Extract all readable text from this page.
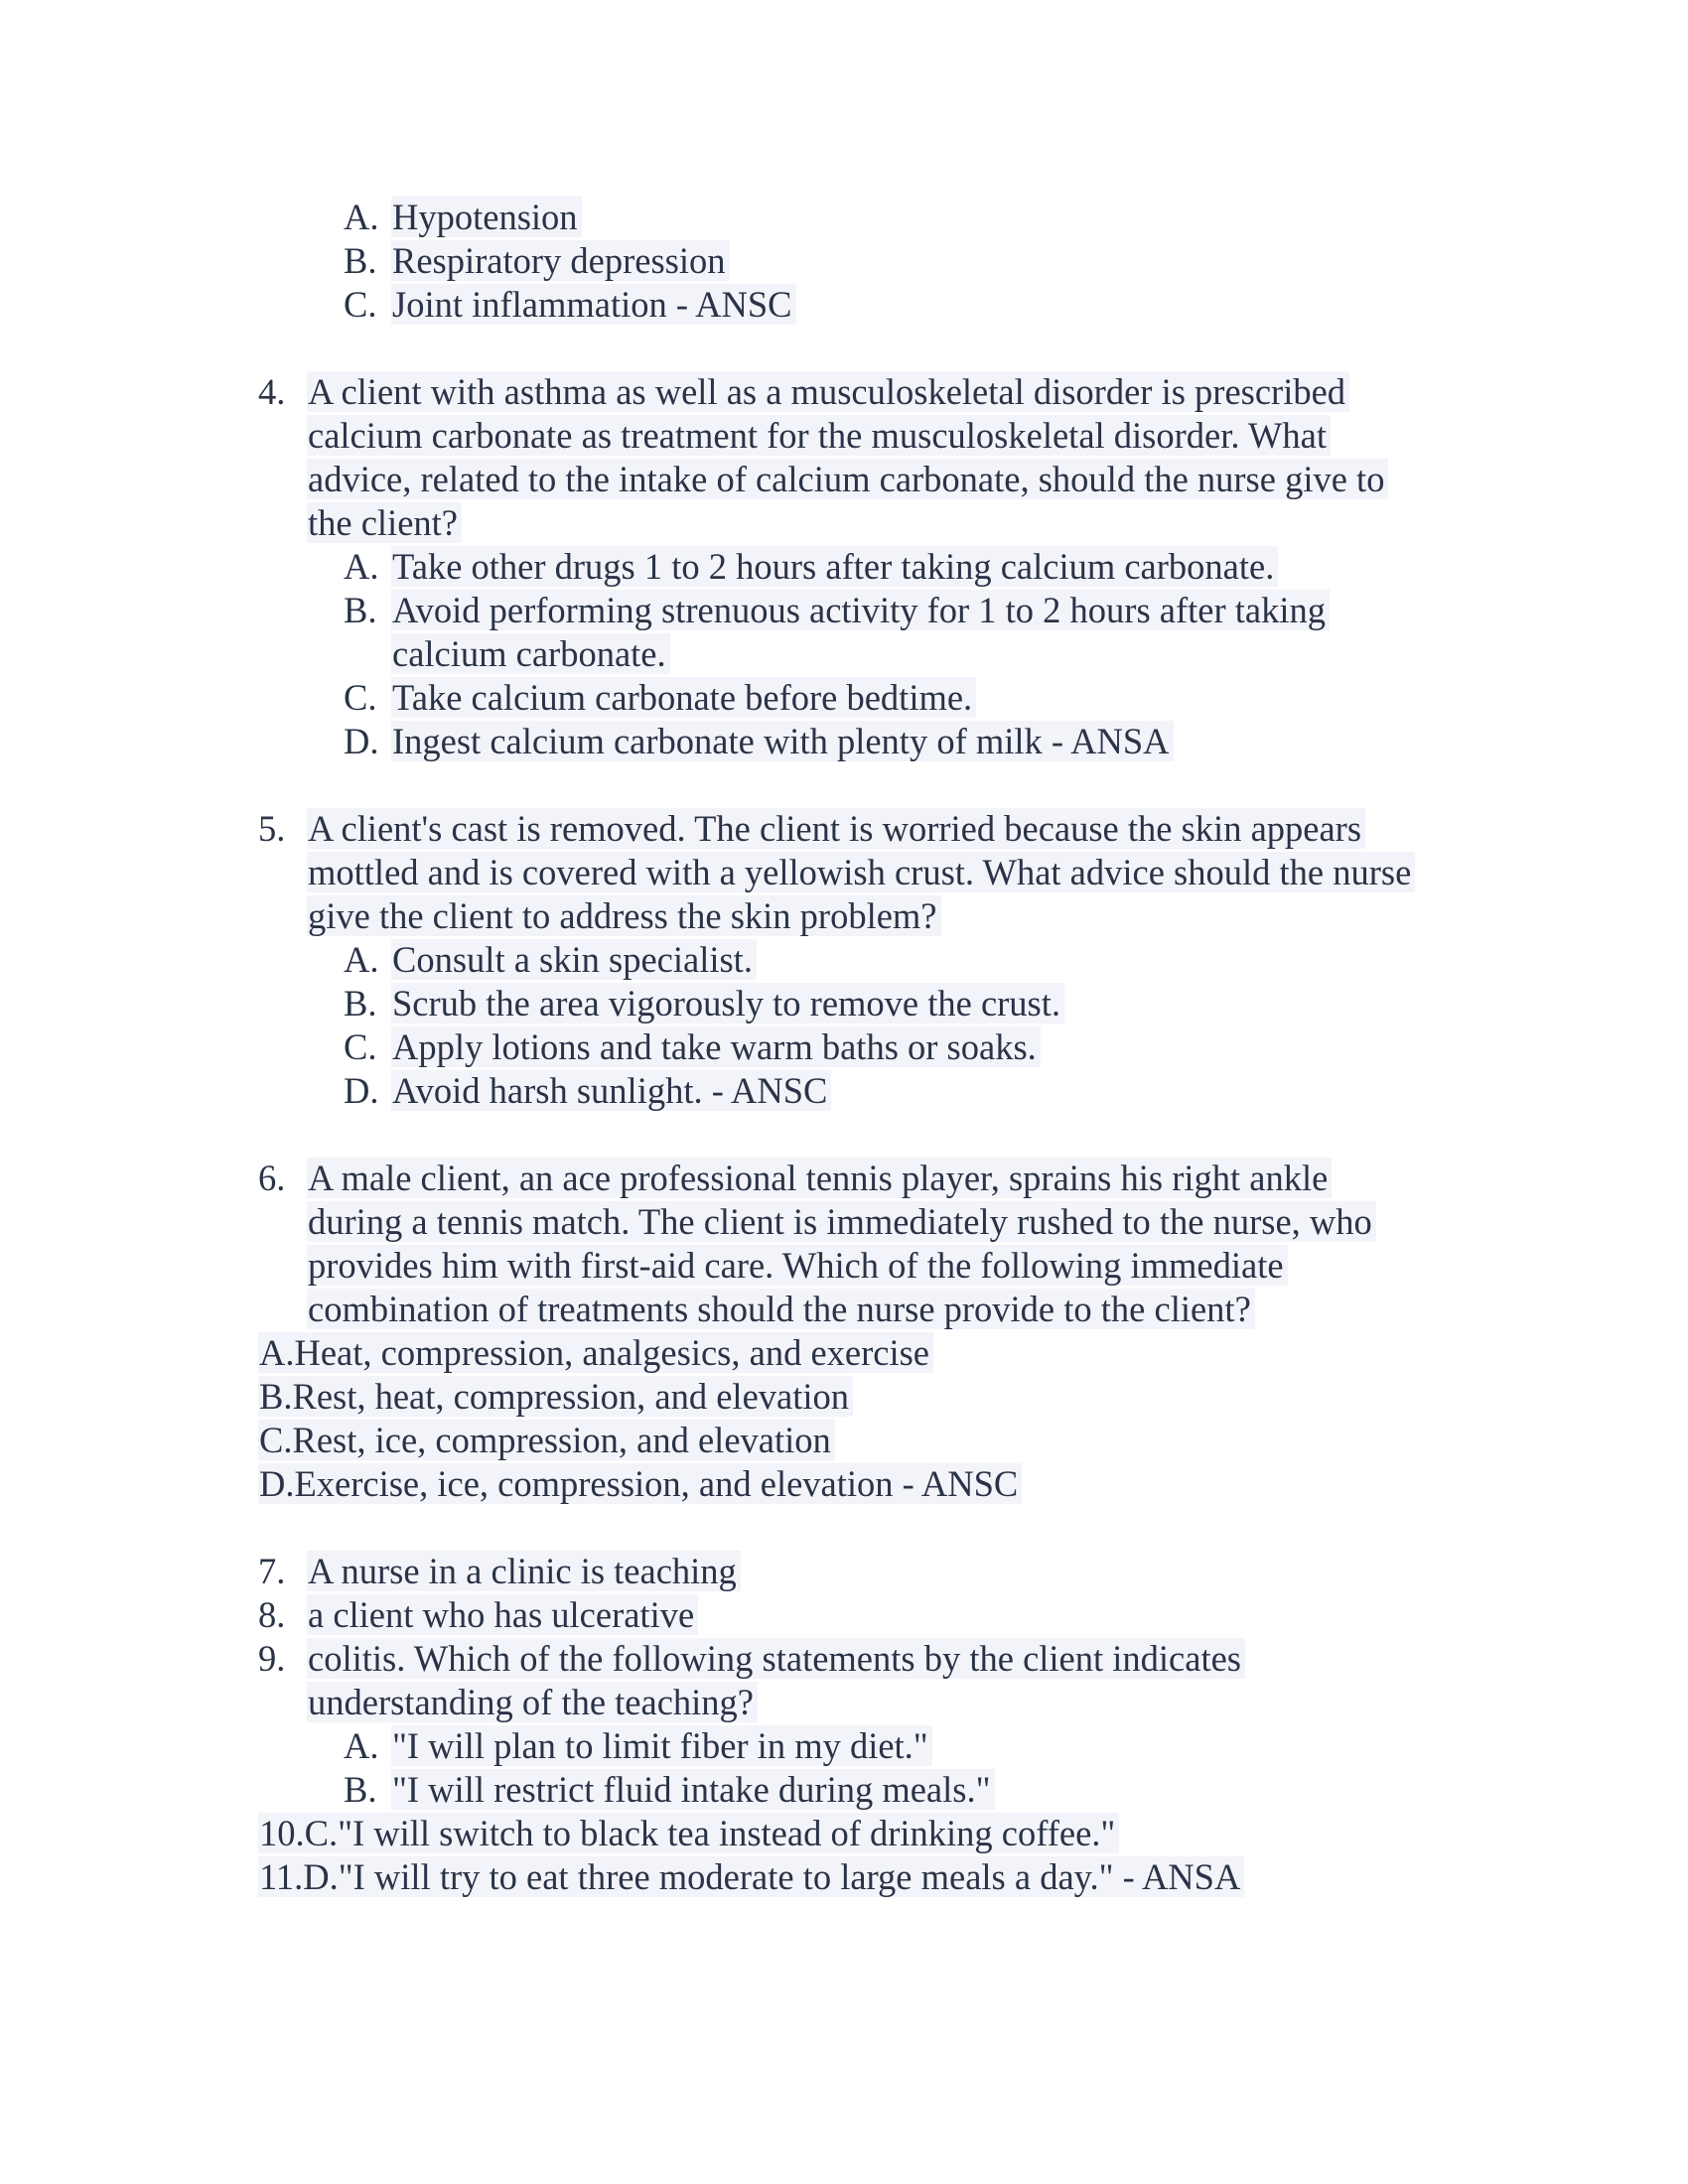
A. Hypotension
B. Respiratory depression
C. Joint inflammation - ANSC
4. A client with asthma as well as a musculoskeletal disorder is prescribed
calcium carbonate as treatment for the musculoskeletal disorder. What
advice, related to the intake of calcium carbonate, should the nurse give to
the client?
A. Take other drugs 1 to 2 hours after taking calcium carbonate.
B. Avoid performing strenuous activity for 1 to 2 hours after taking
calcium carbonate.
C. Take calcium carbonate before bedtime.
D. Ingest calcium carbonate with plenty of milk - ANSA
5. A client's cast is removed. The client is worried because the skin appears
mottled and is covered with a yellowish crust. What advice should the nurse
give the client to address the skin problem?
A. Consult a skin specialist.
B. Scrub the area vigorously to remove the crust.
C. Apply lotions and take warm baths or soaks.
D. Avoid harsh sunlight. - ANSC
6. A male client, an ace professional tennis player, sprains his right ankle
during a tennis match. The client is immediately rushed to the nurse, who
provides him with first-aid care. Which of the following immediate
combination of treatments should the nurse provide to the client?
A.Heat, compression, analgesics, and exercise
B.Rest, heat, compression, and elevation
C.Rest, ice, compression, and elevation
D.Exercise, ice, compression, and elevation - ANSC
7. A nurse in a clinic is teaching
8. a client who has ulcerative
9. colitis. Which of the following statements by the client indicates
understanding of the teaching?
A. "I will plan to limit fiber in my diet."
B. "I will restrict fluid intake during meals."
10.C."I will switch to black tea instead of drinking coffee."
11.D."I will try to eat three moderate to large meals a day." - ANSA
